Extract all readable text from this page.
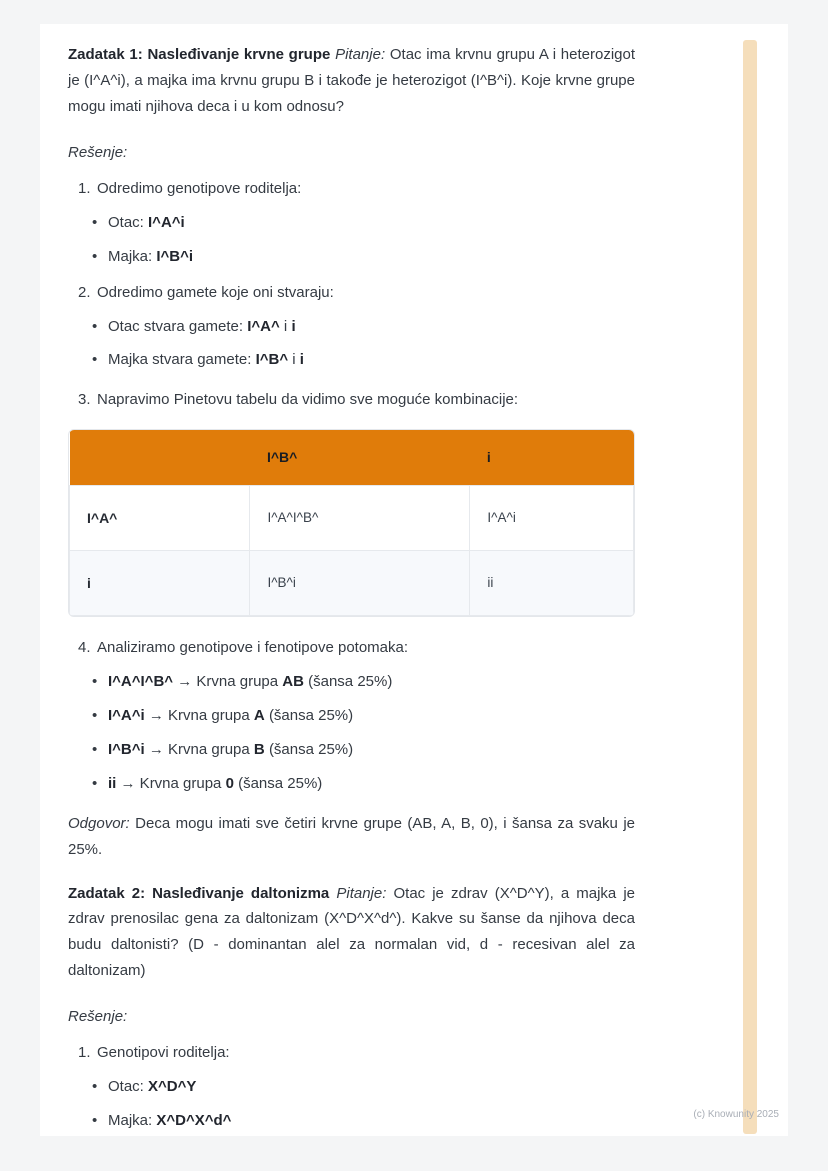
Zadatak 1: Nasleđivanje krvne grupe Pitanje: Otac ima krvnu grupu A i heterozigot je (I^A^i), a majka ima krvnu grupu B i takođe je heterozigot (I^B^i). Koje krvne grupe mogu imati njihova deca i u kom odnosu?

Rešenje:

1. Odredimo genotipove roditelja:
• Otac: I^A^i
• Majka: I^B^i
2. Odredimo gamete koje oni stvaraju:
• Otac stvara gamete: I^A^ i i
• Majka stvara gamete: I^B^ i i
3. Napravimo Pinetovu tabelu da vidimo sve moguće kombinacije:
	I^B^	i
I^A^	I^A^I^B^	I^A^i
i	I^B^i	ii
4. Analiziramo genotipove i fenotipove potomaka:
• I^A^I^B^ → Krvna grupa AB (šansa 25%)
• I^A^i → Krvna grupa A (šansa 25%)
• I^B^i → Krvna grupa B (šansa 25%)
• ii → Krvna grupa 0 (šansa 25%)

Odgovor: Deca mogu imati sve četiri krvne grupe (AB, A, B, 0), i šansa za svaku je 25%.

Zadatak 2: Nasleđivanje daltonizma Pitanje: Otac je zdrav (X^D^Y), a majka je zdrav prenosilac gena za daltonizam (X^D^X^d^). Kakve su šanse da njihova deca budu daltonisti? (D - dominantan alel za normalan vid, d - recesivan alel za daltonizam)

Rešenje:

1. Genotipovi roditelja:
• Otac: X^D^Y
• Majka: X^D^X^d^	(c) Knowunity 2025
